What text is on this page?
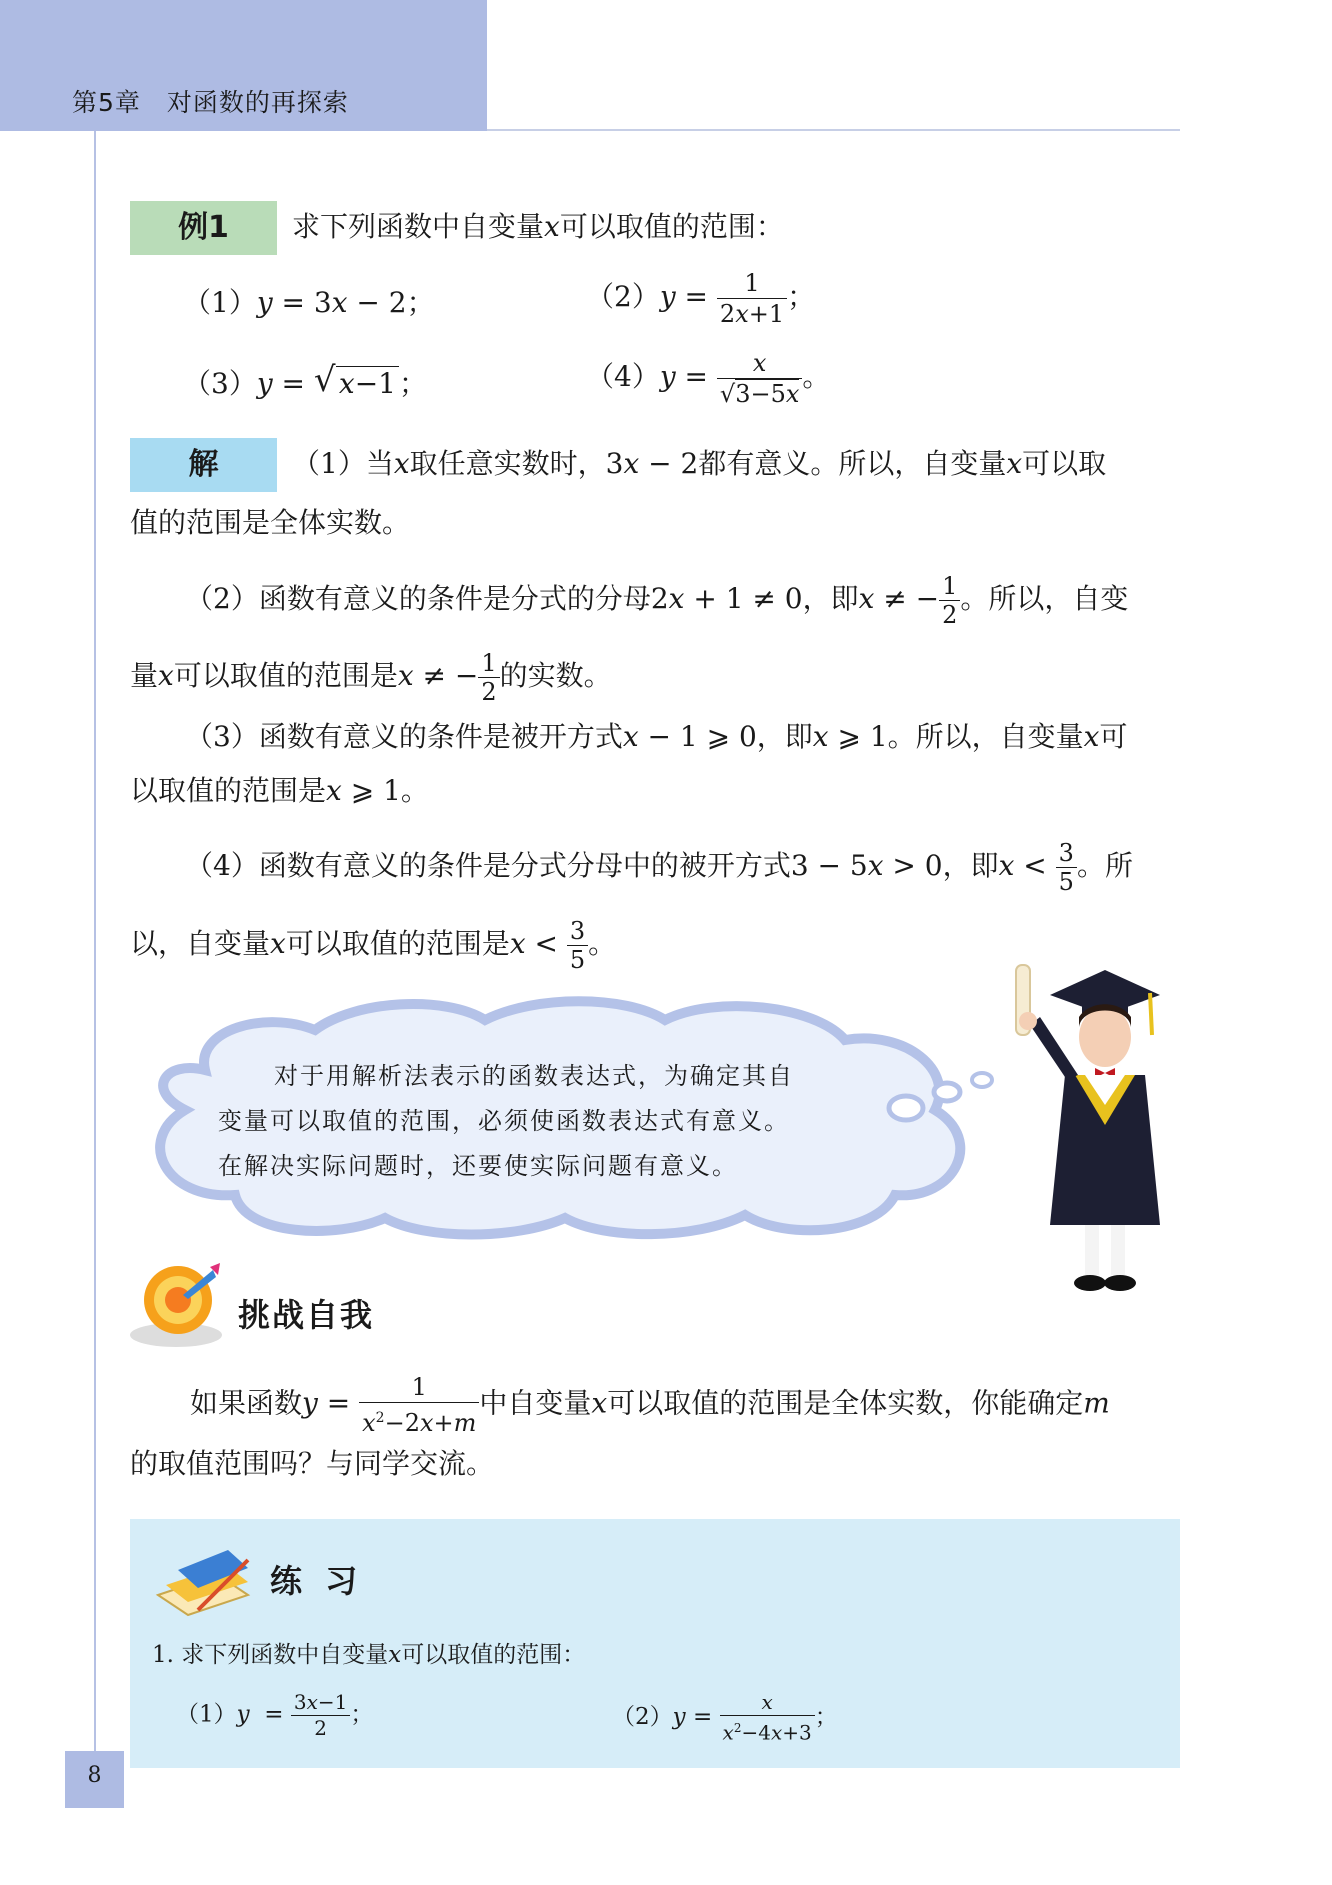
第5章　对函数的再探索
例1	求下列函数中自变量x可以取值的范围：
（1）y = 3x − 2；	$(2)y = \frac{1}{2x+1}$ ；
（3）y = √ x−1 ；	$(4)y = \frac{x}{√3-5x}$ 。
解	（1）当x取任意实数时，3x − 2都有意义。所以，自变量x可以取
值的范围是全体实数。
（2）函数有意义的条件是分式的分母2x + 1 ≠ 0，即x ≠ − $\frac{1}{2}$ 。所以，自变
量x可以取值的范围是x ≠ − $\frac{1}{2}$ 的实数。
（3）函数有意义的条件是被开方式x − 1 ⩾ 0，即x ⩾ 1。所以，自变量x可
以取值的范围是x ⩾ 1。
（4）函数有意义的条件是分式分母中的被开方式3 − 5x > 0，即$x < \frac{3}{5}$ 。所
以，自变量x可以取值的范围是$x < \frac{3}{5}$ 。
对于用解析法表示的函数表达式，为确定其自
变量可以取值的范围，必须使函数表达式有意义。
在解决实际问题时，还要使实际问题有意义。
挑战自我
如果函数$y = \frac{1}{x^2-2x+m}$ 中自变量x可以取值的范围是全体实数，你能确定m
的取值范围吗？与同学交流。
练 习
1. 求下列函数中自变量x可以取值的范围：
$(1)y = \frac{3x-1}{2}$ ；	$(2)y = \frac{x}{x^2-4x+3}$ ；
8
